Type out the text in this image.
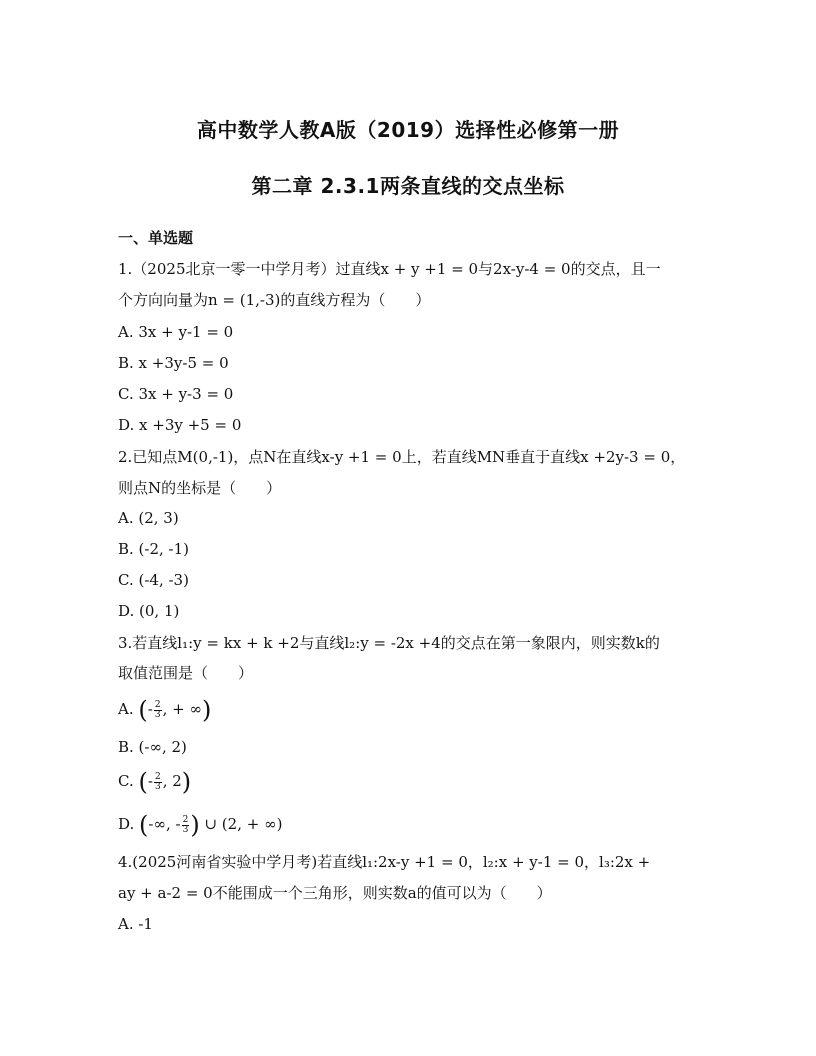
高中数学人教A版（2019）选择性必修第一册
第二章 2.3.1两条直线的交点坐标
一、单选题
1.（2025北京一零一中学月考）过直线x + y +1 = 0与2x-y-4 = 0的交点，且一
个方向向量为n = (1,-3)的直线方程为（　　）
A. 3x + y-1 = 0
B. x +3y-5 = 0
C. 3x + y-3 = 0
D. x +3y +5 = 0
2.已知点M(0,-1)，点N在直线x-y +1 = 0上，若直线MN垂直于直线x +2y-3 = 0，
则点N的坐标是（　　）
A. (2, 3)
B. (-2, -1)
C. (-4, -3)
D. (0, 1)
3.若直线l₁:y = kx + k +2与直线l₂:y = -2x +4的交点在第一象限内，则实数k的
取值范围是（　　）
A. (- $\frac{2}{3}$ , + ∞)
B. (-∞, 2)
C. (- $\frac{2}{3}$ , 2)
D. (-∞, - $\frac{2}{3}$ ) ∪ (2, + ∞)
4.(2025河南省实验中学月考)若直线l₁:2x-y +1 = 0，l₂:x + y-1 = 0，l₃:2x +
ay + a-2 = 0不能围成一个三角形，则实数a的值可以为（　　）
A. -1
